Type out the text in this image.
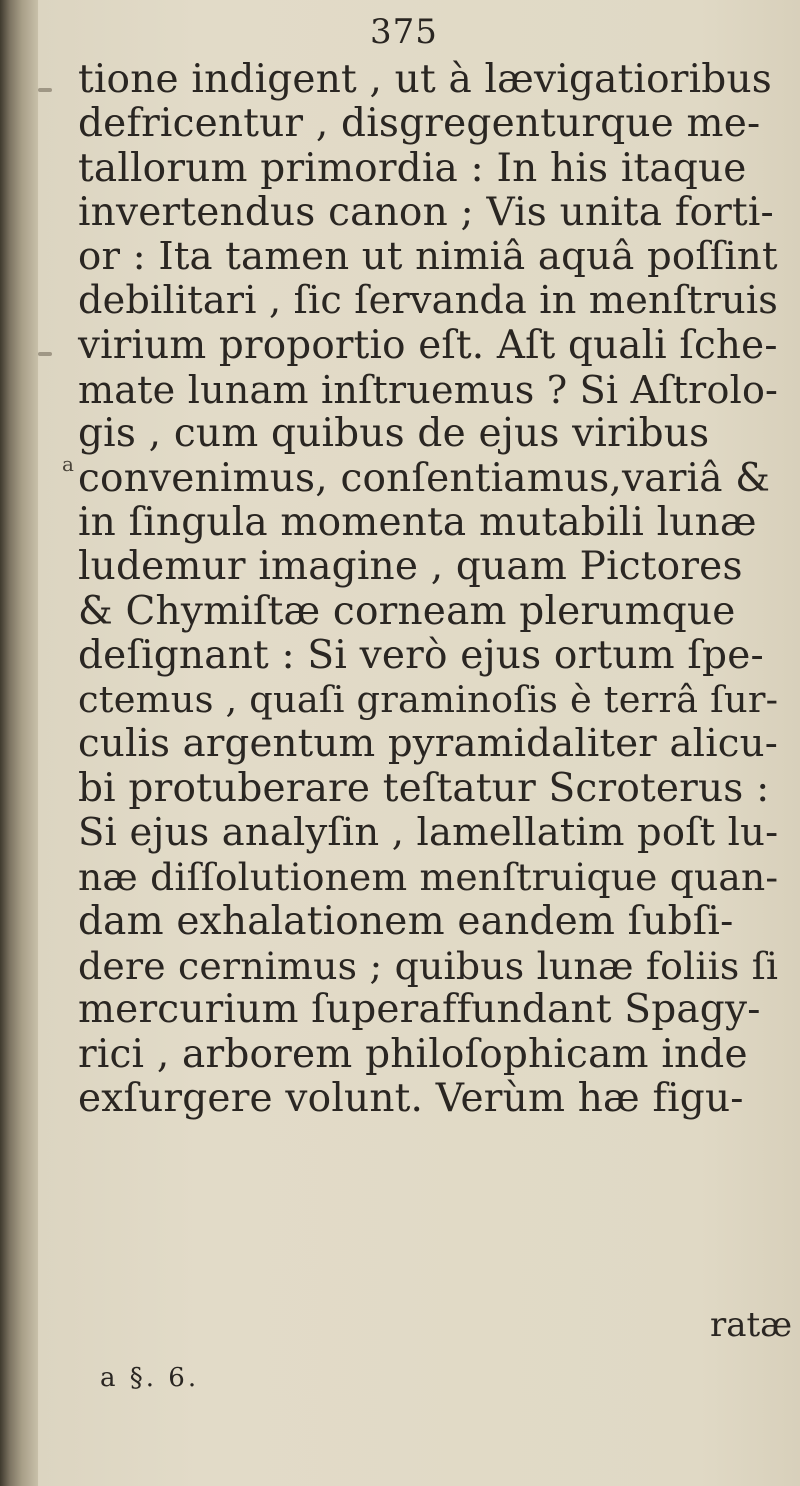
375
tione indigent , ut à lævigatioribus
defricentur , disgregenturque me-
tallorum primordia : In his itaque
invertendus canon ; Vis unita forti-
or : Ita tamen ut nimiâ aquâ poſſint
debilitari , ſic ſervanda in menſtruis
virium proportio eſt. Aſt quali ſche-
mate lunam inſtruemus ? Si Aſtrolo-
gis , cum quibus de ejus viribus
convenimus, conſentiamus,variâ &
in ſingula momenta mutabili lunæ
ludemur imagine , quam Pictores
& Chymiſtæ corneam plerumque
deſignant : Si verò ejus ortum ſpe-
ctemus , quaſi graminoſis è terrâ ſur-
culis argentum pyramidaliter alicu-
bi protuberare teſtatur Scroterus :
Si ejus analyſin , lamellatim poſt lu-
næ diſſolutionem menſtruique quan-
dam exhalationem eandem ſubſi-
dere cernimus ; quibus lunæ foliis ſi
mercurium ſuperaffundant Spagy-
rici , arborem philoſophicam inde
exſurgere volunt. Verùm hæ figu-
a
ratæ
a §. 6.
